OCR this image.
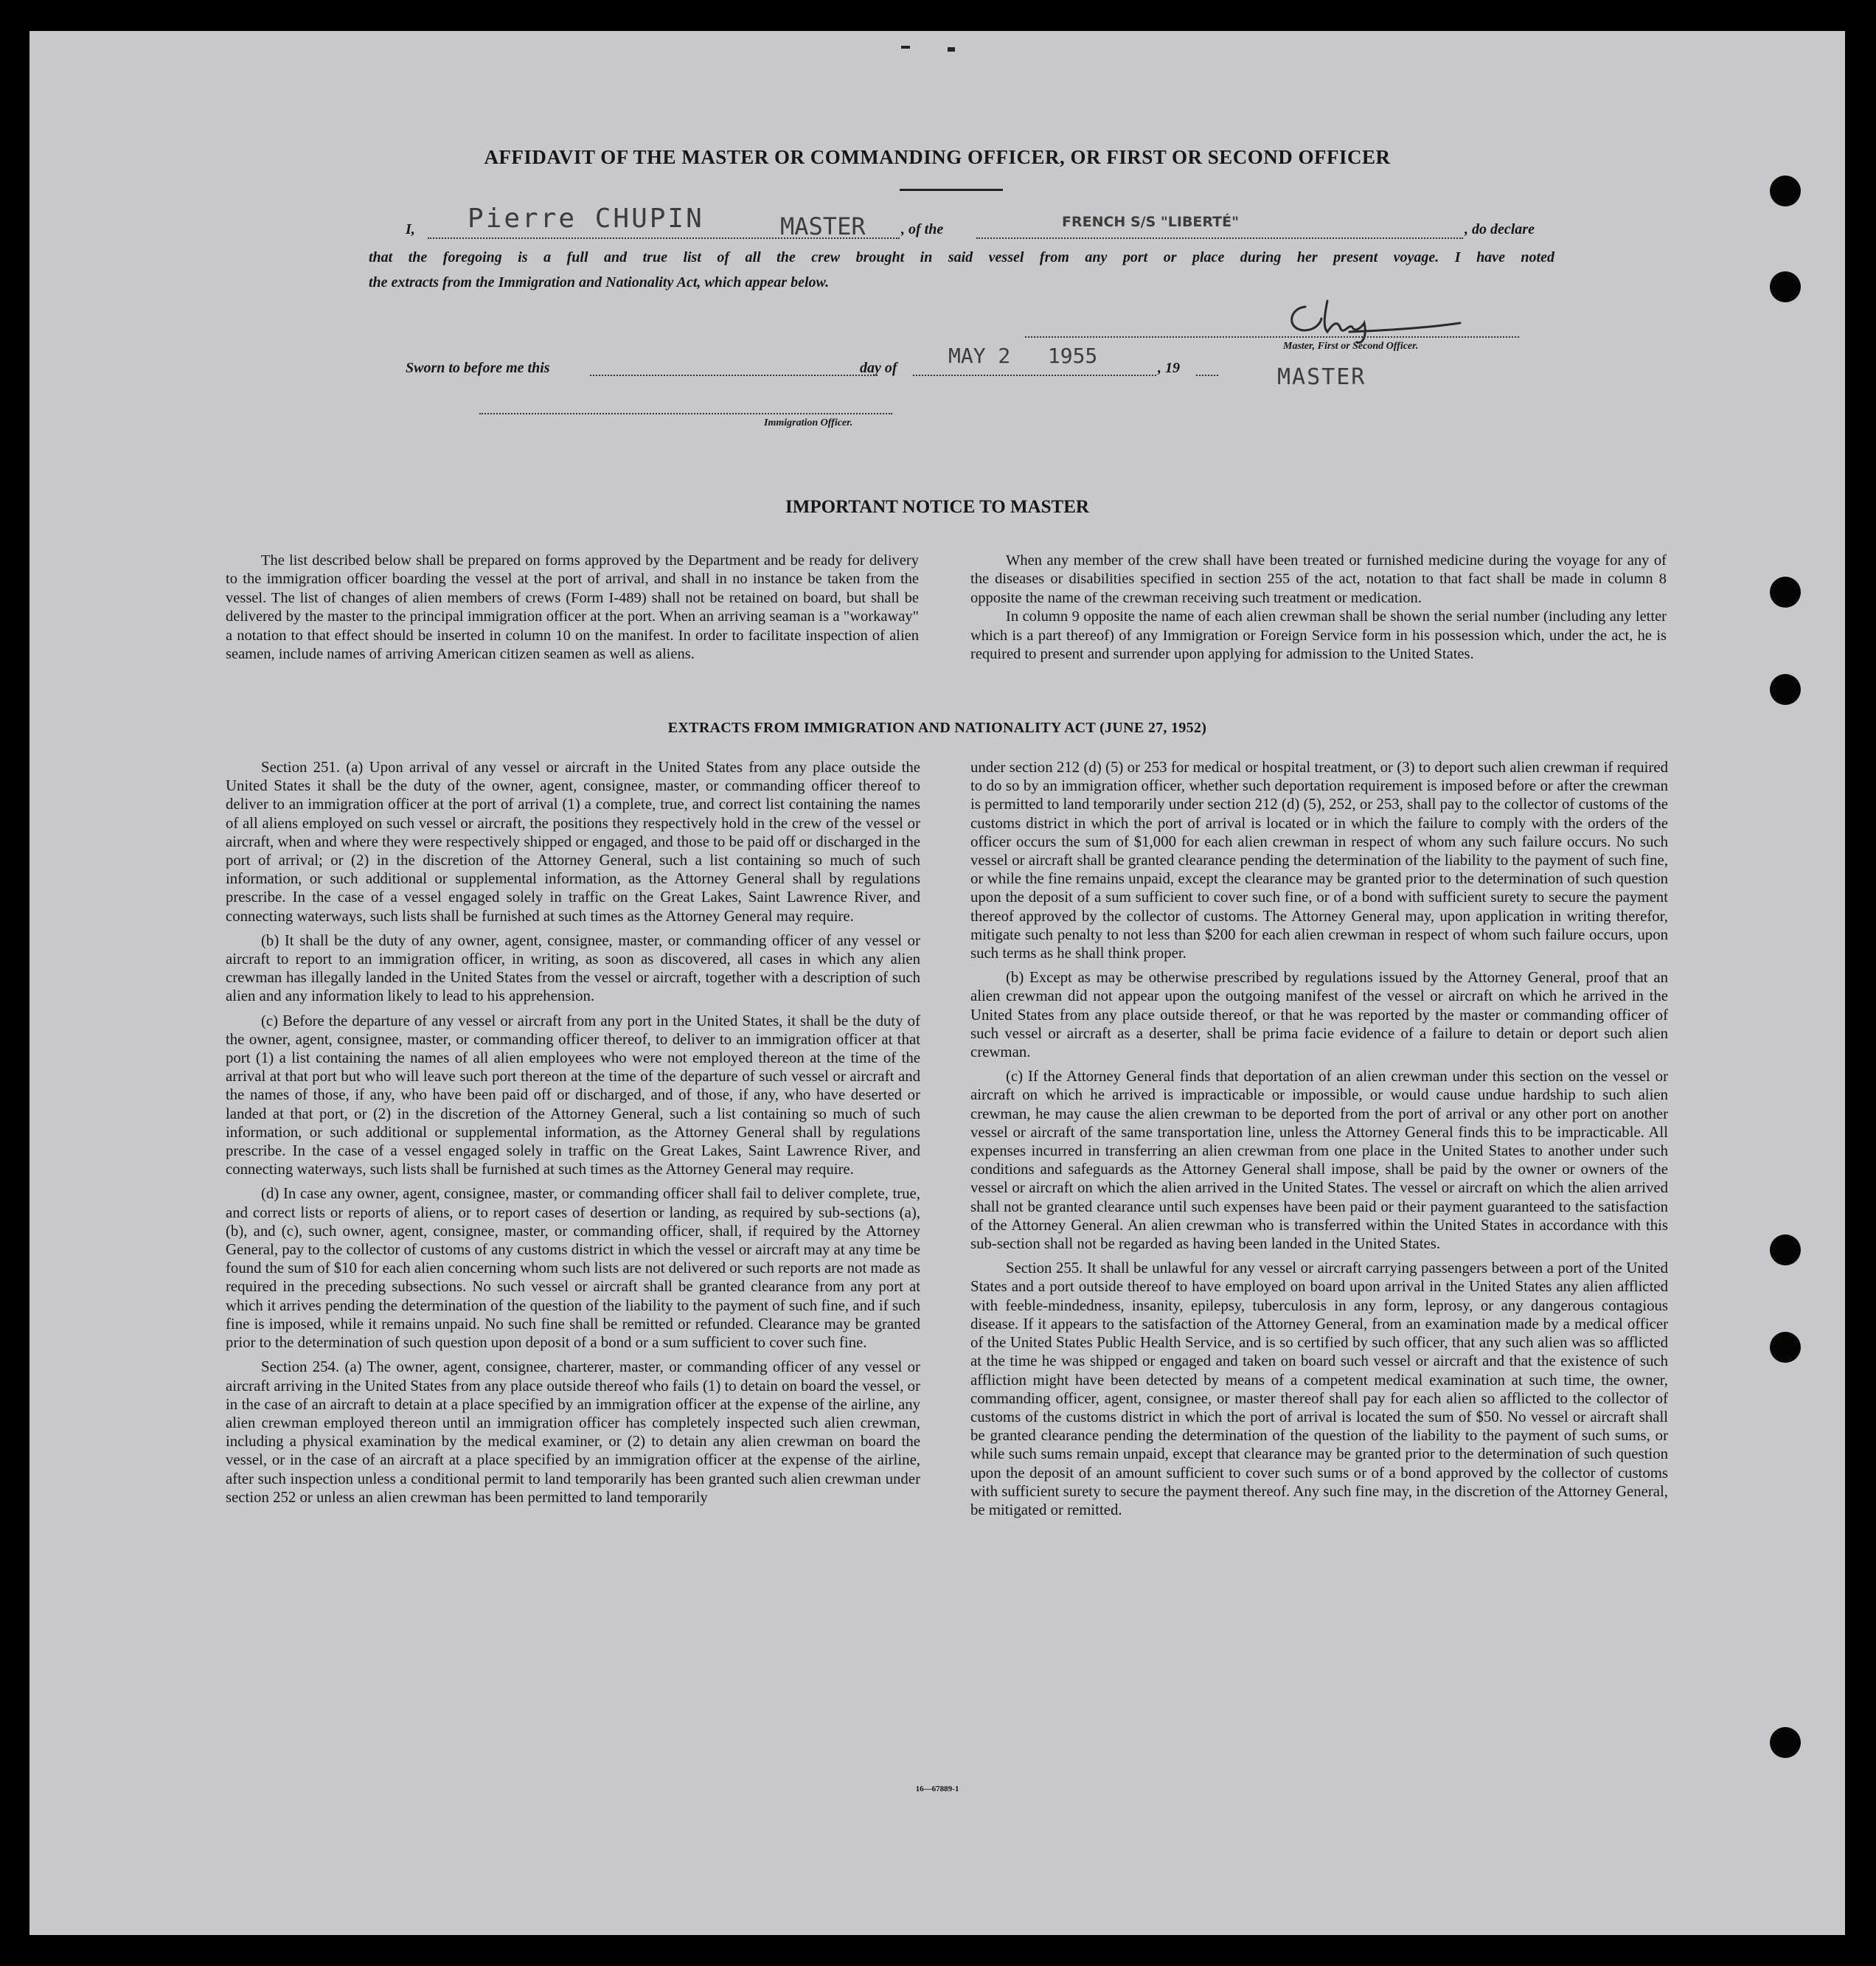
AFFIDAVIT OF THE MASTER OR COMMANDING OFFICER, OR FIRST OR SECOND OFFICER
I, Pierre CHUPIN	MASTER , of the	FRENCH S/S "LIBERTÉ"	, do declare
that the foregoing is a full and true list of all the crew brought in said vessel from any port or place during her present voyage. I have noted
the extracts from the Immigration and Nationality Act, which appear below.
Master, First or Second Officer.
MASTER
Sworn to before me this	day of MAY 2   1955	, 19
Immigration Officer.
IMPORTANT NOTICE TO MASTER

The list described below shall be prepared on forms approved by the Department and be ready for delivery to the immigration officer boarding the vessel at the port of arrival, and shall in no instance be taken from the vessel. The list of changes of alien members of crews (Form I-489) shall not be retained on board, but shall be delivered by the master to the principal immigration officer at the port. When an arriving seaman is a "workaway" a notation to that effect should be inserted in column 10 on the manifest. In order to facilitate inspection of alien seamen, include names of arriving American citizen seamen as well as aliens.

When any member of the crew shall have been treated or furnished medicine during the voyage for any of the diseases or disabilities specified in section 255 of the act, notation to that fact shall be made in column 8 opposite the name of the crewman receiving such treatment or medication.

In column 9 opposite the name of each alien crewman shall be shown the serial number (including any letter which is a part thereof) of any Immigration or Foreign Service form in his possession which, under the act, he is required to present and surrender upon applying for admission to the United States.

EXTRACTS FROM IMMIGRATION AND NATIONALITY ACT (JUNE 27, 1952)

Section 251. (a) Upon arrival of any vessel or aircraft in the United States from any place outside the United States it shall be the duty of the owner, agent, consignee, master, or commanding officer thereof to deliver to an immigration officer at the port of arrival (1) a complete, true, and correct list containing the names of all aliens employed on such vessel or aircraft, the positions they respectively hold in the crew of the vessel or aircraft, when and where they were respectively shipped or engaged, and those to be paid off or discharged in the port of arrival; or (2) in the discretion of the Attorney General, such a list containing so much of such information, or such additional or supplemental information, as the Attorney General shall by regulations prescribe. In the case of a vessel engaged solely in traffic on the Great Lakes, Saint Lawrence River, and connecting waterways, such lists shall be furnished at such times as the Attorney General may require.

(b) It shall be the duty of any owner, agent, consignee, master, or commanding officer of any vessel or aircraft to report to an immigration officer, in writing, as soon as discovered, all cases in which any alien crewman has illegally landed in the United States from the vessel or aircraft, together with a description of such alien and any information likely to lead to his apprehension.

(c) Before the departure of any vessel or aircraft from any port in the United States, it shall be the duty of the owner, agent, consignee, master, or commanding officer thereof, to deliver to an immigration officer at that port (1) a list containing the names of all alien employees who were not employed thereon at the time of the arrival at that port but who will leave such port thereon at the time of the departure of such vessel or aircraft and the names of those, if any, who have been paid off or discharged, and of those, if any, who have deserted or landed at that port, or (2) in the discretion of the Attorney General, such a list containing so much of such information, or such additional or supplemental information, as the Attorney General shall by regulations prescribe. In the case of a vessel engaged solely in traffic on the Great Lakes, Saint Lawrence River, and connecting waterways, such lists shall be furnished at such times as the Attorney General may require.

(d) In case any owner, agent, consignee, master, or commanding officer shall fail to deliver complete, true, and correct lists or reports of aliens, or to report cases of desertion or landing, as required by sub-sections (a), (b), and (c), such owner, agent, consignee, master, or commanding officer, shall, if required by the Attorney General, pay to the collector of customs of any customs district in which the vessel or aircraft may at any time be found the sum of $10 for each alien concerning whom such lists are not delivered or such reports are not made as required in the preceding subsections. No such vessel or aircraft shall be granted clearance from any port at which it arrives pending the determination of the question of the liability to the payment of such fine, and if such fine is imposed, while it remains unpaid. No such fine shall be remitted or refunded. Clearance may be granted prior to the determination of such question upon deposit of a bond or a sum sufficient to cover such fine.

Section 254. (a) The owner, agent, consignee, charterer, master, or commanding officer of any vessel or aircraft arriving in the United States from any place outside thereof who fails (1) to detain on board the vessel, or in the case of an aircraft to detain at a place specified by an immigration officer at the expense of the airline, any alien crewman employed thereon until an immigration officer has completely inspected such alien crewman, including a physical examination by the medical examiner, or (2) to detain any alien crewman on board the vessel, or in the case of an aircraft at a place specified by an immigration officer at the expense of the airline, after such inspection unless a conditional permit to land temporarily has been granted such alien crewman under section 252 or unless an alien crewman has been permitted to land temporarily

under section 212 (d) (5) or 253 for medical or hospital treatment, or (3) to deport such alien crewman if required to do so by an immigration officer, whether such deportation requirement is imposed before or after the crewman is permitted to land temporarily under section 212 (d) (5), 252, or 253, shall pay to the collector of customs of the customs district in which the port of arrival is located or in which the failure to comply with the orders of the officer occurs the sum of $1,000 for each alien crewman in respect of whom any such failure occurs. No such vessel or aircraft shall be granted clearance pending the determination of the liability to the payment of such fine, or while the fine remains unpaid, except the clearance may be granted prior to the determination of such question upon the deposit of a sum sufficient to cover such fine, or of a bond with sufficient surety to secure the payment thereof approved by the collector of customs. The Attorney General may, upon application in writing therefor, mitigate such penalty to not less than $200 for each alien crewman in respect of whom such failure occurs, upon such terms as he shall think proper.

(b) Except as may be otherwise prescribed by regulations issued by the Attorney General, proof that an alien crewman did not appear upon the outgoing manifest of the vessel or aircraft on which he arrived in the United States from any place outside thereof, or that he was reported by the master or commanding officer of such vessel or aircraft as a deserter, shall be prima facie evidence of a failure to detain or deport such alien crewman.

(c) If the Attorney General finds that deportation of an alien crewman under this section on the vessel or aircraft on which he arrived is impracticable or impossible, or would cause undue hardship to such alien crewman, he may cause the alien crewman to be deported from the port of arrival or any other port on another vessel or aircraft of the same transportation line, unless the Attorney General finds this to be impracticable. All expenses incurred in transferring an alien crewman from one place in the United States to another under such conditions and safeguards as the Attorney General shall impose, shall be paid by the owner or owners of the vessel or aircraft on which the alien arrived in the United States. The vessel or aircraft on which the alien arrived shall not be granted clearance until such expenses have been paid or their payment guaranteed to the satisfaction of the Attorney General. An alien crewman who is transferred within the United States in accordance with this sub-section shall not be regarded as having been landed in the United States.

Section 255. It shall be unlawful for any vessel or aircraft carrying passengers between a port of the United States and a port outside thereof to have employed on board upon arrival in the United States any alien afflicted with feeble-mindedness, insanity, epilepsy, tuberculosis in any form, leprosy, or any dangerous contagious disease. If it appears to the satisfaction of the Attorney General, from an examination made by a medical officer of the United States Public Health Service, and is so certified by such officer, that any such alien was so afflicted at the time he was shipped or engaged and taken on board such vessel or aircraft and that the existence of such affliction might have been detected by means of a competent medical examination at such time, the owner, commanding officer, agent, consignee, or master thereof shall pay for each alien so afflicted to the collector of customs of the customs district in which the port of arrival is located the sum of $50. No vessel or aircraft shall be granted clearance pending the determination of the question of the liability to the payment of such sums, or while such sums remain unpaid, except that clearance may be granted prior to the determination of such question upon the deposit of an amount sufficient to cover such sums or of a bond approved by the collector of customs with sufficient surety to secure the payment thereof. Any such fine may, in the discretion of the Attorney General, be mitigated or remitted.

16—67889-1
